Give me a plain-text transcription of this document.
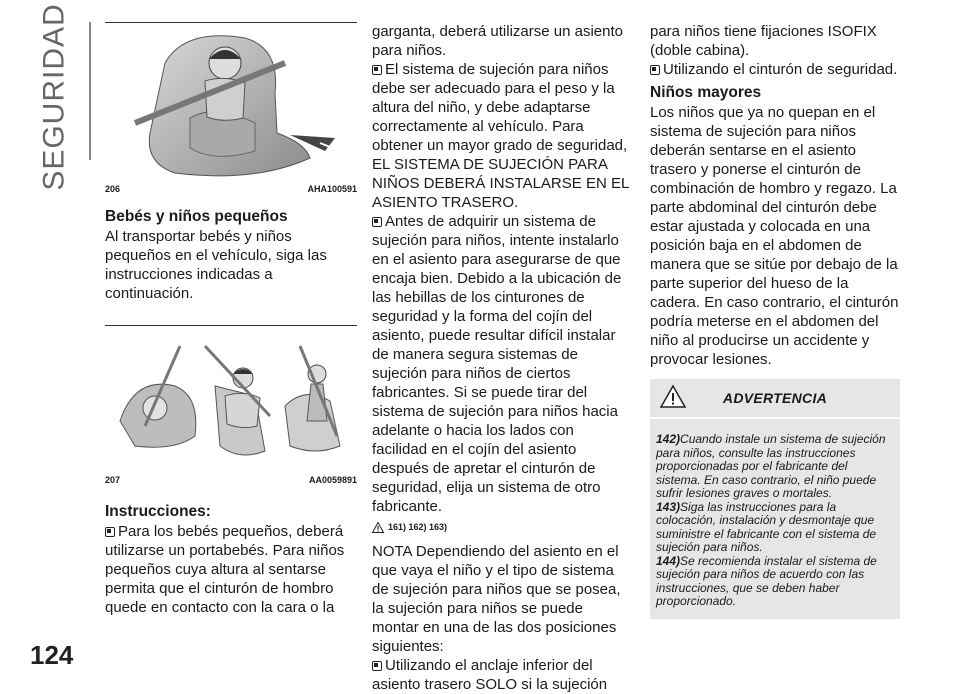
SEGURIDAD
124
206	AHA100591
Bebés y niños pequeños

Al transportar bebés y niños pequeños en el vehículo, siga las instrucciones indicadas a continuación.

207	AA0059891
Instrucciones:

Para los bebés pequeños, deberá utilizarse un portabebés. Para niños pequeños cuya altura al sentarse permita que el cinturón de hombro quede en contacto con la cara o la

garganta, deberá utilizarse un asiento para niños.

El sistema de sujeción para niños debe ser adecuado para el peso y la altura del niño, y debe adaptarse correctamente al vehículo. Para obtener un mayor grado de seguridad, EL SISTEMA DE SUJECIÓN PARA NIÑOS DEBERÁ INSTALARSE EN EL ASIENTO TRASERO.

Antes de adquirir un sistema de sujeción para niños, intente instalarlo en el asiento para asegurarse de que encaja bien. Debido a la ubicación de las hebillas de los cinturones de seguridad y la forma del cojín del asiento, puede resultar difícil instalar de manera segura sistemas de sujeción para niños de ciertos fabricantes. Si se puede tirar del sistema de sujeción para niños hacia adelante o hacia los lados con facilidad en el cojín del asiento después de apretar el cinturón de seguridad, elija un sistema de otro fabricante.

161) 162) 163)

NOTA Dependiendo del asiento en el que vaya el niño y el tipo de sistema de sujeción para niños que se posea, la sujeción para niños se puede montar en una de las dos posiciones siguientes:

Utilizando el anclaje inferior del asiento trasero SOLO si la sujeción

para niños tiene fijaciones ISOFIX (doble cabina).

Utilizando el cinturón de seguridad.

Niños mayores

Los niños que ya no quepan en el sistema de sujeción para niños deberán sentarse en el asiento trasero y ponerse el cinturón de combinación de hombro y regazo. La parte abdominal del cinturón debe estar ajustada y colocada en una posición baja en el abdomen de manera que se sitúe por debajo de la parte superior del hueso de la cadera. En caso contrario, el cinturón podría meterse en el abdomen del niño al producirse un accidente y provocar lesiones.

ADVERTENCIA

142)Cuando instale un sistema de sujeción para niños, consulte las instrucciones proporcionadas por el fabricante del sistema. En caso contrario, el niño puede sufrir lesiones graves o mortales.

143)Siga las instrucciones para la colocación, instalación y desmontaje que suministre el fabricante con el sistema de sujeción para niños.

144)Se recomienda instalar el sistema de sujeción para niños de acuerdo con las instrucciones, que se deben haber proporcionado.
